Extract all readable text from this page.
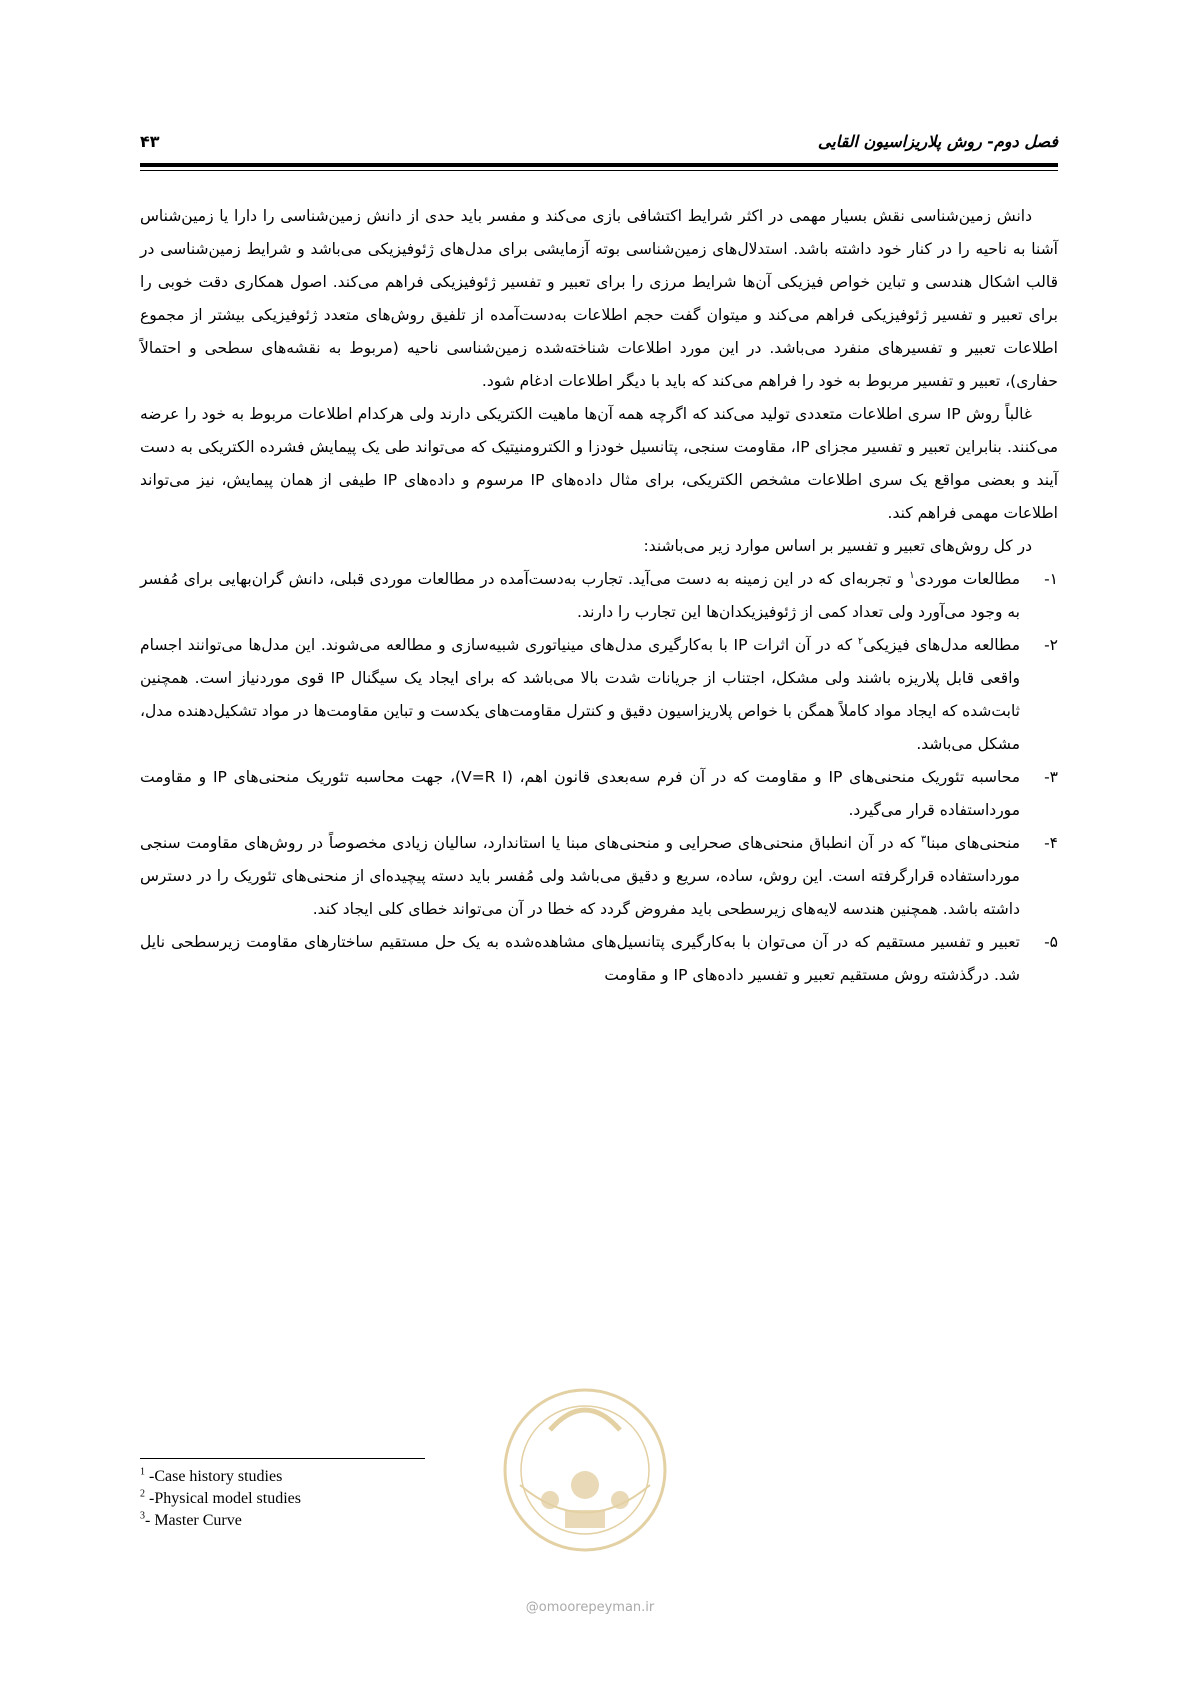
فصل دوم- روش پلاریزاسیون القایی
۴۳

دانش زمین‌شناسی نقش بسیار مهمی در اکثر شرایط اکتشافی بازی می‌کند و مفسر باید حدی از دانش زمین‌شناسی را دارا یا زمین‌شناس آشنا به ناحیه را در کنار خود داشته باشد. استدلال‌های زمین‌شناسی بوته آزمایشی برای مدل‌های ژئوفیزیکی می‌باشد و شرایط زمین‌شناسی در قالب اشکال هندسی و تباین خواص فیزیکی آن‌ها شرایط مرزی را برای تعبیر و تفسیر ژئوفیزیکی فراهم می‌کند. اصول همکاری دقت خوبی را برای تعبیر و تفسیر ژئوفیزیکی فراهم می‌کند و میتوان گفت حجم اطلاعات به‌دست‌آمده از تلفیق روش‌های متعدد ژئوفیزیکی بیشتر از مجموع اطلاعات تعبیر و تفسیرهای منفرد می‌باشد. در این مورد اطلاعات شناخته‌شده زمین‌شناسی ناحیه (مربوط به نقشه‌های سطحی و احتمالاً حفاری)، تعبیر و تفسیر مربوط به خود را فراهم می‌کند که باید با دیگر اطلاعات ادغام شود.

غالباً روش IP سری اطلاعات متعددی تولید می‌کند که اگرچه همه آن‌ها ماهیت الکتریکی دارند ولی هرکدام اطلاعات مربوط به خود را عرضه می‌کنند. بنابراین تعبیر و تفسیر مجزای IP، مقاومت سنجی، پتانسیل خودزا و الکترومنیتیک که می‌تواند طی یک پیمایش فشرده الکتریکی به دست آیند و بعضی مواقع یک سری اطلاعات مشخص الکتریکی، برای مثال داده‌های IP مرسوم و داده‌های IP طیفی از همان پیمایش، نیز می‌تواند اطلاعات مهمی فراهم کند.

در کل روش‌های تعبیر و تفسیر بر اساس موارد زیر می‌باشند:

۱-
مطالعات موردی$^۱$ و تجربه‌ای که در این زمینه به دست می‌آید. تجارب به‌دست‌آمده در مطالعات موردی قبلی، دانش گران‌بهایی برای مُفسر به وجود می‌آورد ولی تعداد کمی از ژئوفیزیکدان‌ها این تجارب را دارند.
۲-
مطالعه مدل‌های فیزیکی$^۲$ که در آن اثرات IP با به‌کارگیری مدل‌های مینیاتوری شبیه‌سازی و مطالعه می‌شوند. این مدل‌ها می‌توانند اجسام واقعی قابل پلاریزه باشند ولی مشکل، اجتناب از جریانات شدت بالا می‌باشد که برای ایجاد یک سیگنال IP قوی موردنیاز است. همچنین ثابت‌شده که ایجاد مواد کاملاً همگن با خواص پلاریزاسیون دقیق و کنترل مقاومت‌های یکدست و تباین مقاومت‌ها در مواد تشکیل‌دهنده مدل، مشکل می‌باشد.
۳-
محاسبه تئوریک منحنی‌های IP و مقاومت که در آن فرم سه‌بعدی قانون اهم، (V=R I)، جهت محاسبه تئوریک منحنی‌های IP و مقاومت مورداستفاده قرار می‌گیرد.
۴-
منحنی‌های مبنا$^۳$ که در آن انطباق منحنی‌های صحرایی و منحنی‌های مبنا یا استاندارد، سالیان زیادی مخصوصاً در روش‌های مقاومت سنجی مورداستفاده قرارگرفته است. این روش، ساده، سریع و دقیق می‌باشد ولی مُفسر باید دسته پیچیده‌ای از منحنی‌های تئوریک را در دسترس داشته باشد. همچنین هندسه لایه‌های زیرسطحی باید مفروض گردد که خطا در آن می‌تواند خطای کلی ایجاد کند.
۵-
تعبیر و تفسیر مستقیم که در آن می‌توان با به‌کارگیری پتانسیل‌های مشاهده‌شده به یک حل مستقیم ساختارهای مقاومت زیرسطحی نایل شد. درگذشته روش مستقیم تعبیر و تفسیر داده‌های IP و مقاومت
@omoorepeyman.ir
$^1$ -Case history studies
$^2$ -Physical model studies
$^3$- Master Curve
